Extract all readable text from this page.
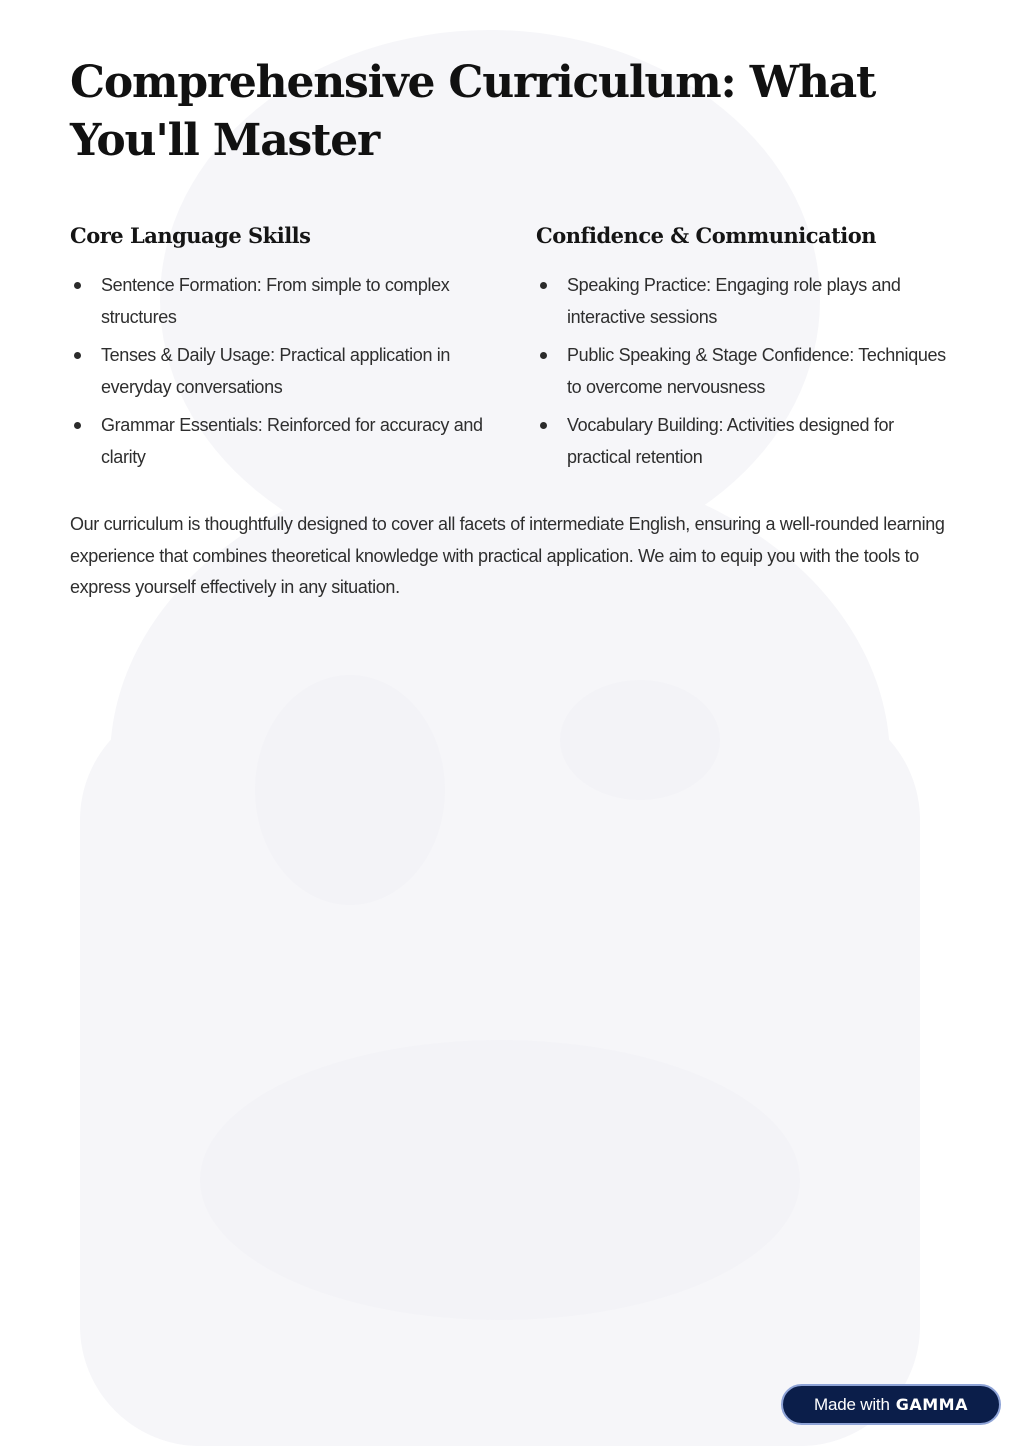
Comprehensive Curriculum: What You'll Master
Core Language Skills
Sentence Formation: From simple to complex structures
Tenses & Daily Usage: Practical application in everyday conversations
Grammar Essentials: Reinforced for accuracy and clarity
Confidence & Communication
Speaking Practice: Engaging role plays and interactive sessions
Public Speaking & Stage Confidence: Techniques to overcome nervousness
Vocabulary Building: Activities designed for practical retention

Our curriculum is thoughtfully designed to cover all facets of intermediate English, ensuring a well-rounded learning experience that combines theoretical knowledge with practical application. We aim to equip you with the tools to express yourself effectively in any situation.

Made with GAMMA
